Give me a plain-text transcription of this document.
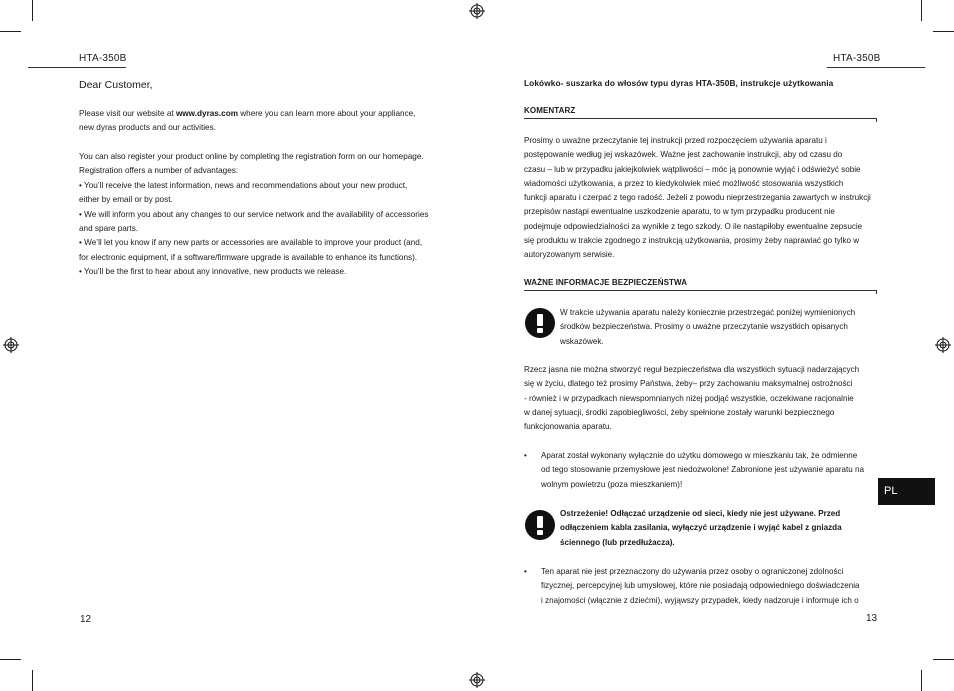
HTA-350B
Dear Customer,

Please visit our website at www.dyras.com where you can learn more about your appliance,

new dyras products and our activities.

You can also register your product online by completing the registration form on our homepage.

Registration offers a number of advantages:

• You’ll receive the latest information, news and recommendations about your new product,

either by email or by post.

• We will inform you about any changes to our service network and the availability of accessories

and spare parts.

• We’ll let you know if any new parts or accessories are available to improve your product (and,

for electronic equipment, if a software/firmware upgrade is available to enhance its functions).

• You’ll be the first to hear about any innovative, new products we release.

12
HTA-350B
Lokówko- suszarka do włosów typu dyras HTA-350B, instrukcje użytkowania
KOMENTARZ

Prosimy o uważne przeczytanie tej instrukcji przed rozpoczęciem używania aparatu i

postępowanie według jej wskazówek. Ważne jest zachowanie instrukcji, aby od czasu do

czasu – lub w przypadku jakiejkolwiek wątpliwości – móc ją ponownie wyjąć i odświeżyć sobie

wiadomości użytkowania, a przez to kiedykolwiek mieć możliwość stosowania wszystkich

funkcji aparatu i czerpać z tego radość. Jeżeli z powodu nieprzestrzegania zawartych w instrukcji

przepisów nastąpi ewentualne uszkodzenie aparatu, to w tym przypadku producent nie

podejmuje odpowiedzialności za wynikłe z tego szkody. O ile nastąpiłoby ewentualne zepsucie

się produktu w trakcie zgodnego z instrukcją użytkowania, prosimy żeby naprawiać go tylko w

autoryzowanym serwisie.

WAŻNE INFORMACJE BEZPIECZEŃSTWA

W trakcie używania aparatu należy koniecznie przestrzegać poniżej wymienionych

środków bezpieczeństwa. Prosimy o uważne przeczytanie wszystkich opisanych

wskazówek.

Rzecz jasna nie można stworzyć reguł bezpieczeństwa dla wszystkich sytuacji nadarzających

się w życiu, dlatego też prosimy Państwa, żeby– przy zachowaniu maksymalnej ostrożności

- również i w przypadkach niewspomnianych niżej podjąć wszystkie, oczekiwane racjonalnie

w danej sytuacji, środki zapobiegliwości, żeby spełnione zostały warunki bezpiecznego

funkcjonowania aparatu.

•	Aparat został wykonany wyłącznie do użytku domowego w mieszkaniu tak, że odmienne

od tego stosowanie przemysłowe jest niedozwolone! Zabronione jest używanie aparatu na

wolnym powietrzu (poza mieszkaniem)!

Ostrzeżenie! Odłączać urządzenie od sieci, kiedy nie jest używane. Przed

odłączeniem kabla zasilania, wyłączyć urządzenie i wyjąć kabel z gniazda

ściennego (lub przedłużacza).

•	Ten aparat nie jest przeznaczony do używania przez osoby o ograniczonej zdolności

fizycznej, percepcyjnej lub umysłowej, które nie posiadają odpowiedniego doświadczenia

i znajomości (włącznie z dziećmi), wyjąwszy przypadek, kiedy nadzoruje i informuje ich o

PL
13
